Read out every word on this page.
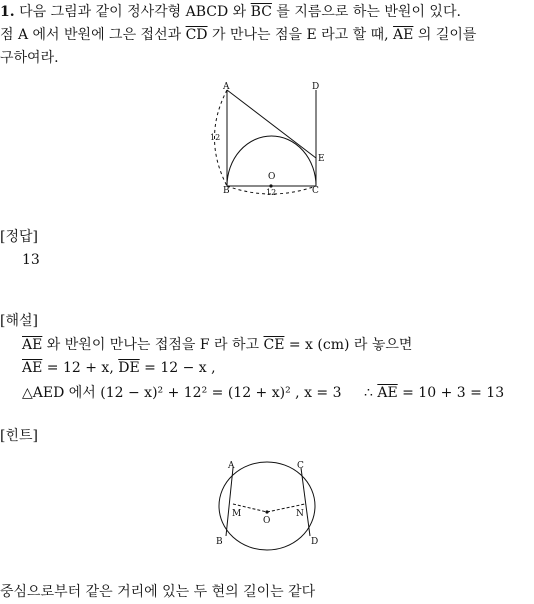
1. 다음 그림과 같이 정사각형 ABCD 와 $\overline{BC}$ 를 지름으로 하는 반원이 있다.
점 A 에서 반원에 그은 접선과 $\overline{CD}$ 가 만나는 점을 E 라고 할 때, $\overline{AE}$ 의 길이를
구하여라.
A
B	C
D
E
O
12
12
[정답]
13
[해설]
$\overline{AE}$ 와 반원이 만나는 접점을 F 라 하고 $\overline{CE} = x$ (cm) 라 놓으면
$\overline{AE} = 12 + x$, $\overline{DE} = 12 - x$ ,
△AED 에서 (12 − x)² + 12² = (12 + x)² , x = 3 ∴ $\overline{AE} = 10 + 3 = 13$
[힌트]
A
B
C
D
M	N
O
중심으로부터 같은 거리에 있는 두 현의 길이는 같다
